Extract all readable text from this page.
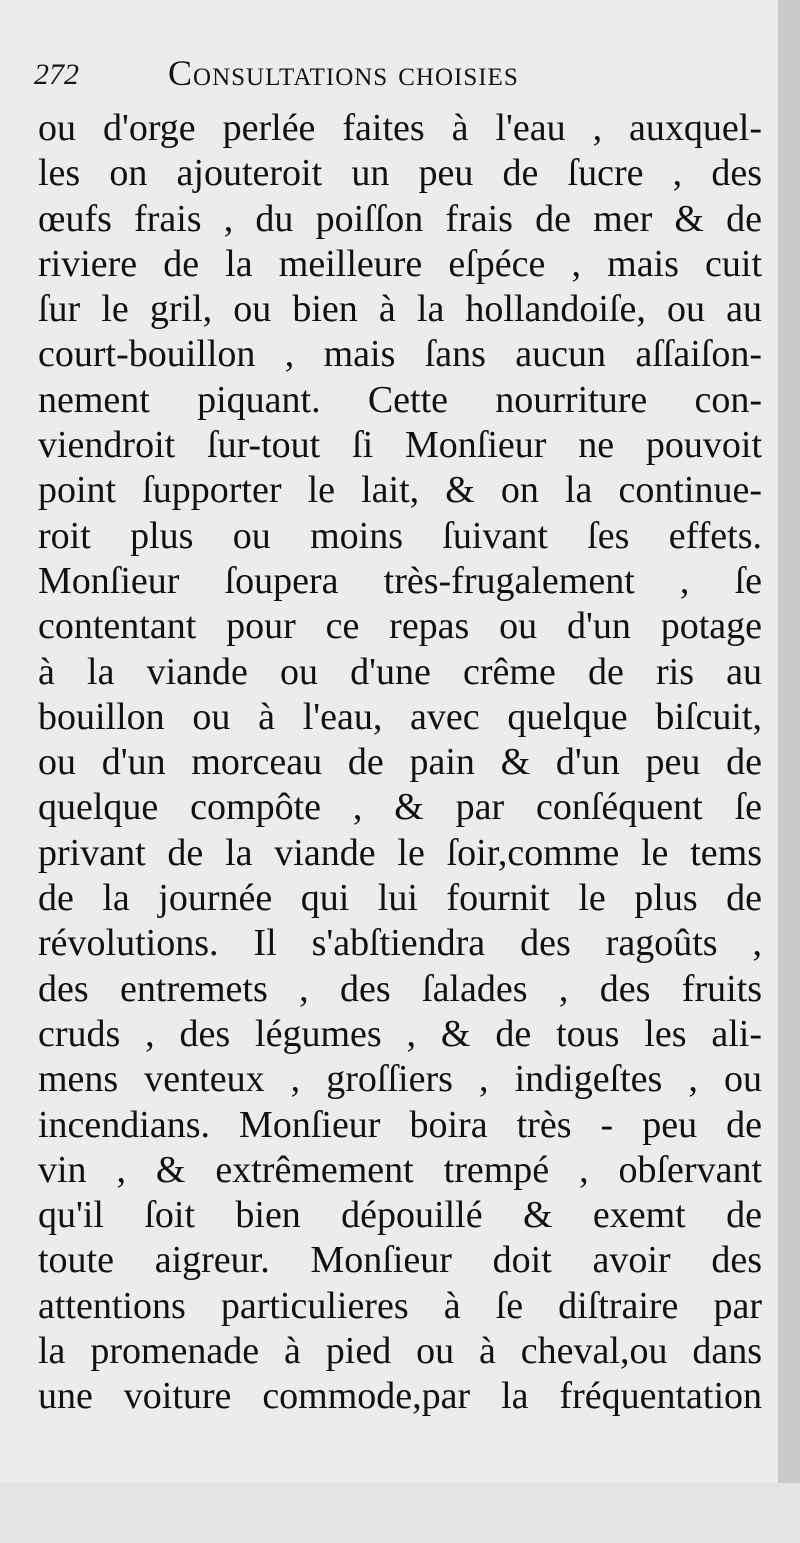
272 Consultations choisies
ou d'orge perlée faites à l'eau , auxquel-
les on ajouteroit un peu de ſucre , des
œufs frais , du poiſſon frais de mer & de
riviere de la meilleure eſpéce , mais cuit
ſur le gril, ou bien à la hollandoiſe, ou au
court-bouillon , mais ſans aucun aſſaiſon-
nement piquant. Cette nourriture con-
viendroit ſur-tout ſi Monſieur ne pouvoit
point ſupporter le lait, & on la continue-
roit plus ou moins ſuivant ſes effets.
Monſieur ſoupera très-frugalement , ſe
contentant pour ce repas ou d'un potage
à la viande ou d'une crême de ris au
bouillon ou à l'eau, avec quelque biſcuit,
ou d'un morceau de pain & d'un peu de
quelque compôte , & par conſéquent ſe
privant de la viande le ſoir,comme le tems
de la journée qui lui fournit le plus de
révolutions. Il s'abſtiendra des ragoûts ,
des entremets , des ſalades , des fruits
cruds , des légumes , & de tous les ali-
mens venteux , groſſiers , indigeſtes , ou
incendians. Monſieur boira très - peu de
vin , & extrêmement trempé , obſervant
qu'il ſoit bien dépouillé & exemt de
toute aigreur. Monſieur doit avoir des
attentions particulieres à ſe diſtraire par
la promenade à pied ou à cheval,ou dans
une voiture commode,par la fréquentation
